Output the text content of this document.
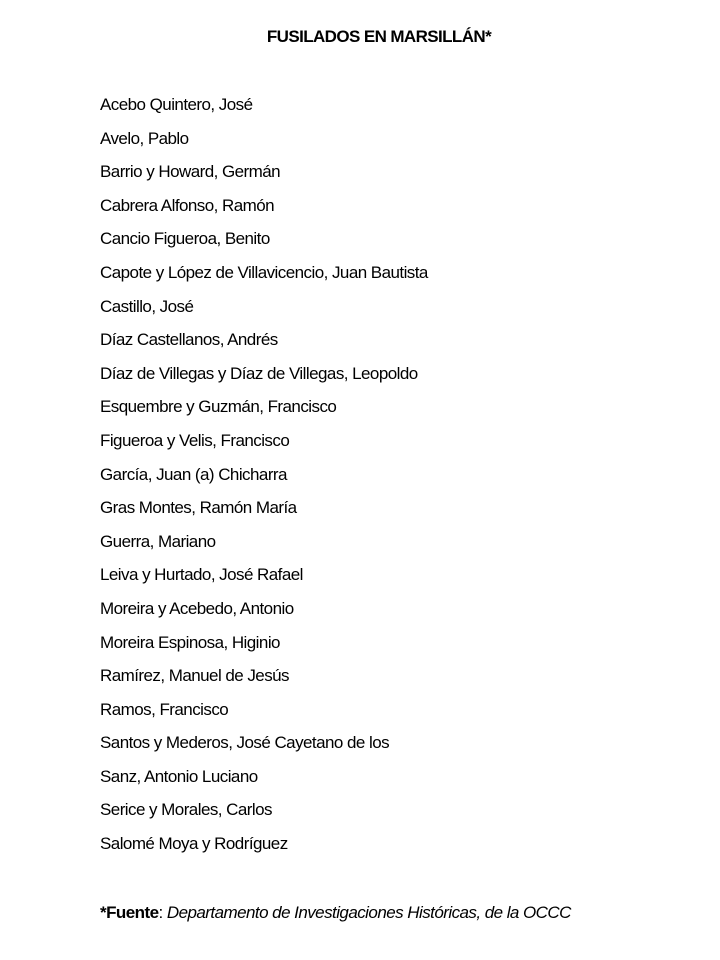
FUSILADOS EN MARSILLÁN*
Acebo Quintero, José
Avelo, Pablo
Barrio y Howard, Germán
Cabrera Alfonso, Ramón
Cancio Figueroa, Benito
Capote y López de Villavicencio, Juan Bautista
Castillo, José
Díaz Castellanos, Andrés
Díaz de Villegas y Díaz de Villegas, Leopoldo
Esquembre y Guzmán, Francisco
Figueroa y Velis, Francisco
García, Juan (a) Chicharra
Gras Montes, Ramón María
Guerra, Mariano
Leiva y Hurtado, José Rafael
Moreira y Acebedo, Antonio
Moreira Espinosa, Higinio
Ramírez, Manuel de Jesús
Ramos, Francisco
Santos y Mederos, José Cayetano de los
Sanz, Antonio Luciano
Serice y Morales, Carlos
Salomé Moya y Rodríguez
*Fuente: Departamento de Investigaciones Históricas, de la OCCC
